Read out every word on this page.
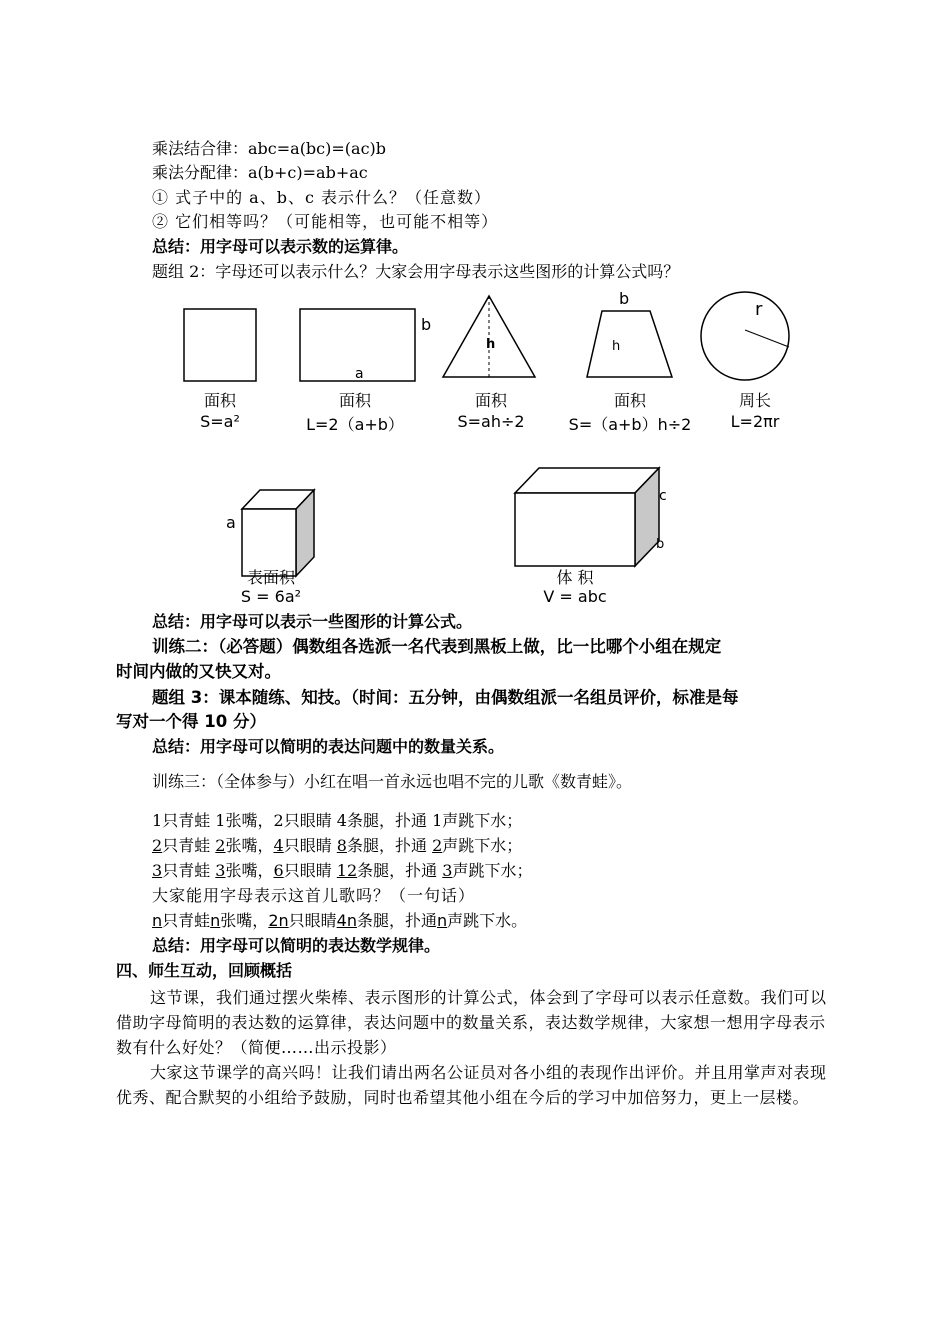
乘法结合律：abc=a(bc)=(ac)b
乘法分配律：a(b+c)=ab+ac
① 式子中的 a、b、c 表示什么？（任意数）
② 它们相等吗？（可能相等，也可能不相等）
总结：用字母可以表示数的运算律。
题组 2：字母还可以表示什么？大家会用字母表示这些图形的计算公式吗？
a
b
h
b
h
r
面积
S=a²
面积
L=2（a+b）
面积
S=ah÷2
面积
S=（a+b）h÷2
周长
L=2πr
a
c
b
表面积
S = 6a²
体 积
V = abc
总结：用字母可以表示一些图形的计算公式。
训练二：（必答题）偶数组各选派一名代表到黑板上做，比一比哪个小组在规定
时间内做的又快又对。
题组 3：课本随练、知技。（时间：五分钟，由偶数组派一名组员评价，标准是每
写对一个得 10 分）
总结：用字母可以简明的表达问题中的数量关系。
训练三：（全体参与）小红在唱一首永远也唱不完的儿歌《数青蛙》。
1只青蛙 1张嘴，2只眼睛 4条腿，扑通 1声跳下水；
2只青蛙 2张嘴，4只眼睛 8条腿，扑通 2声跳下水；
3只青蛙 3张嘴，6只眼睛 12条腿，扑通 3声跳下水；
大家能用字母表示这首儿歌吗？（一句话）
n只青蛙n张嘴，2n只眼睛4n条腿，扑通n声跳下水。
总结：用字母可以简明的表达数学规律。
四、师生互动，回顾概括
这节课，我们通过摆火柴棒、表示图形的计算公式，体会到了字母可以表示任意数。我们可以借助字母简明的表达数的运算律，表达问题中的数量关系，表达数学规律，大家想一想用字母表示数有什么好处？（简便……出示投影）
大家这节课学的高兴吗！让我们请出两名公证员对各小组的表现作出评价。并且用掌声对表现优秀、配合默契的小组给予鼓励，同时也希望其他小组在今后的学习中加倍努力，更上一层楼。
